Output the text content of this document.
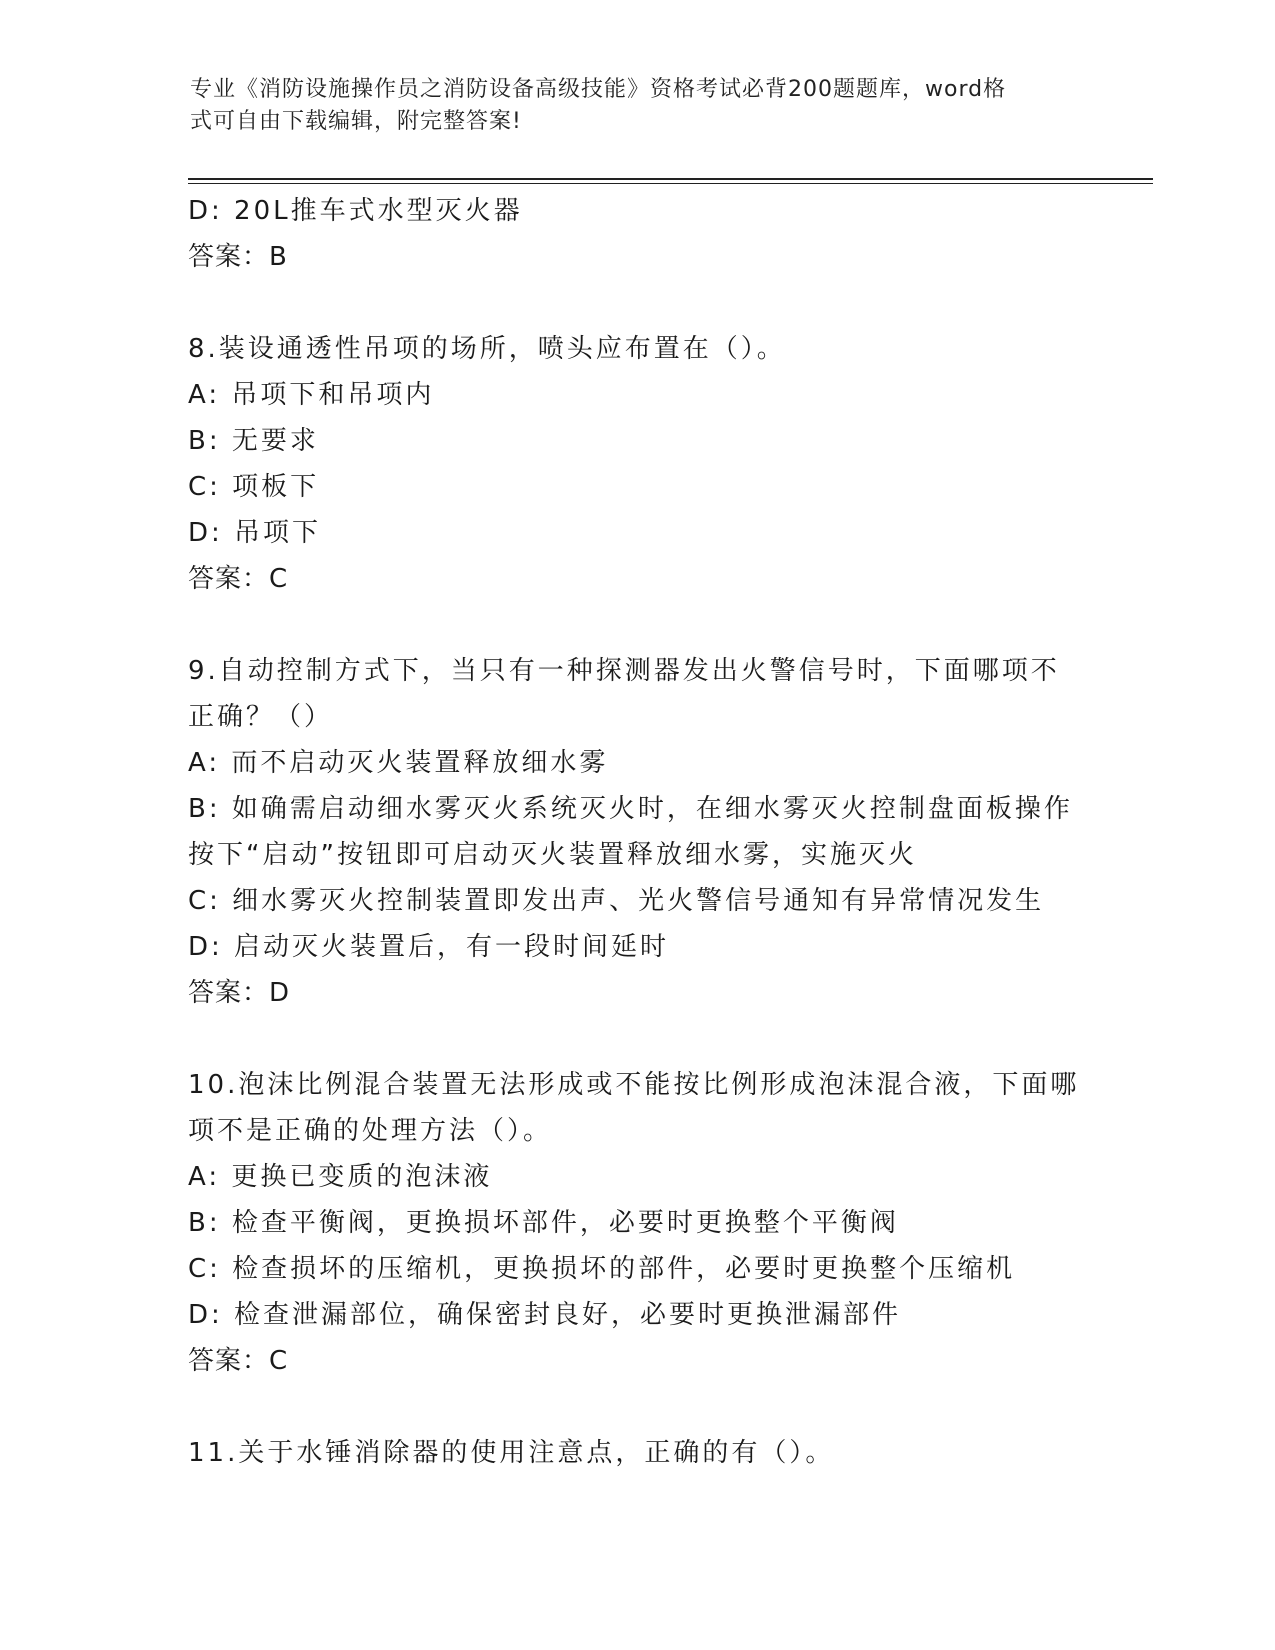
专业《消防设施操作员之消防设备高级技能》资格考试必背200题题库，word格
式可自由下载编辑，附完整答案!
D: 20L推车式水型灭火器
答案：B
8.装设通透性吊项的场所，喷头应布置在（）。
A: 吊项下和吊项内
B: 无要求
C: 项板下
D: 吊项下
答案：C
9.自动控制方式下，当只有一种探测器发出火警信号时，下面哪项不
正确？（）
A: 而不启动灭火装置释放细水雾
B: 如确需启动细水雾灭火系统灭火时，在细水雾灭火控制盘面板操作
按下“启动”按钮即可启动灭火装置释放细水雾，实施灭火
C: 细水雾灭火控制装置即发出声、光火警信号通知有异常情况发生
D: 启动灭火装置后，有一段时间延时
答案：D
10.泡沫比例混合装置无法形成或不能按比例形成泡沫混合液，下面哪
项不是正确的处理方法（）。
A: 更换已变质的泡沫液
B: 检查平衡阀，更换损坏部件，必要时更换整个平衡阀
C: 检查损坏的压缩机，更换损坏的部件，必要时更换整个压缩机
D: 检查泄漏部位，确保密封良好，必要时更换泄漏部件
答案：C
11.关于水锤消除器的使用注意点，正确的有（）。
